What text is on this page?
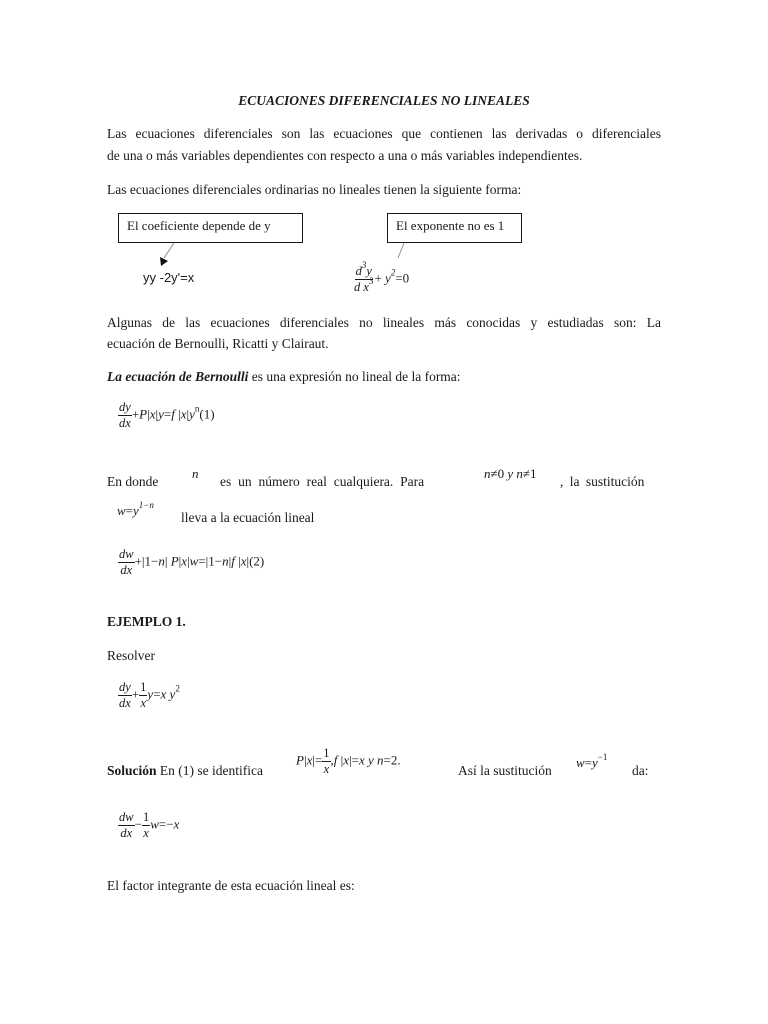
ECUACIONES DIFERENCIALES NO LINEALES
Las ecuaciones diferenciales son las ecuaciones que contienen las derivadas o diferenciales
de una o más variables dependientes con respecto a una o más variables independientes.
Las ecuaciones diferenciales ordinarias no lineales tienen la siguiente forma:
El coeficiente depende de y	El exponente no es 1
yy -2y'=x	$\frac{d^3y}{d x^3} + y^2=0$
Algunas de las ecuaciones diferenciales no lineales más conocidas y estudiadas son: La
ecuación de Bernoulli, Ricatti y Clairaut.
La ecuación de Bernoulli es una expresión no lineal de la forma:
$\frac{dy}{dx} +P|x|y=f$ $|x|y^n(1)$
En donde
n
es un número real cualquiera. Para
n≠0 y n≠1
, la sustitución
$w=y^{1-n}$
lleva a la ecuación lineal
$\frac{dw}{dx} +|1-n|$ P|x|w=|1−n|f |x|(2)
EJEMPLO 1.
Resolver
$\frac{dy}{dx} + \frac{1}{x} y=x$ $y^2$
Solución En (1) se identifica
$P|x|= \frac{1}{x} ,f$ |x|=x y n=2.
Así la sustitución
$w=y^{-1}$
da:
$\frac{dw}{dx} - \frac{1}{x} w=-x$
El factor integrante de esta ecuación lineal es:
